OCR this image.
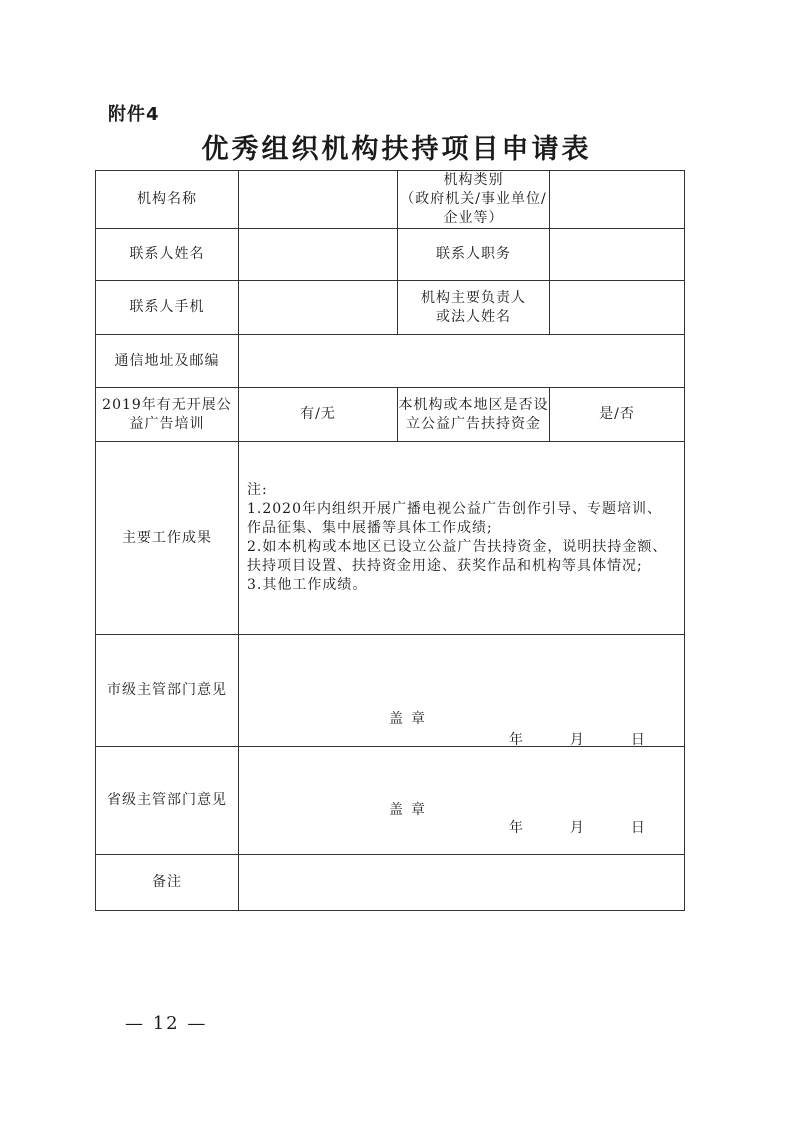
附件4
优秀组织机构扶持项目申请表
机构名称		机构类别
（政府机关/事业单位/企业等）	
联系人姓名		联系人职务	
联系人手机		机构主要负责人
或法人姓名	
通信地址及邮编			
2019年有无开展公益广告培训	有/无	本机构或本地区是否设立公益广告扶持资金	是/否
主要工作成果	注:
1.2020年内组织开展广播电视公益广告创作引导、专题培训、作品征集、集中展播等具体工作成绩;
2.如本机构或本地区已设立公益广告扶持资金，说明扶持金额、扶持项目设置、扶持资金用途、获奖作品和机构等具体情况;
3.其他工作成绩。		

市级主管部门意见	盖章
年 月 日		

省级主管部门意见	盖章
年 月 日		

备注			
— 12 —
